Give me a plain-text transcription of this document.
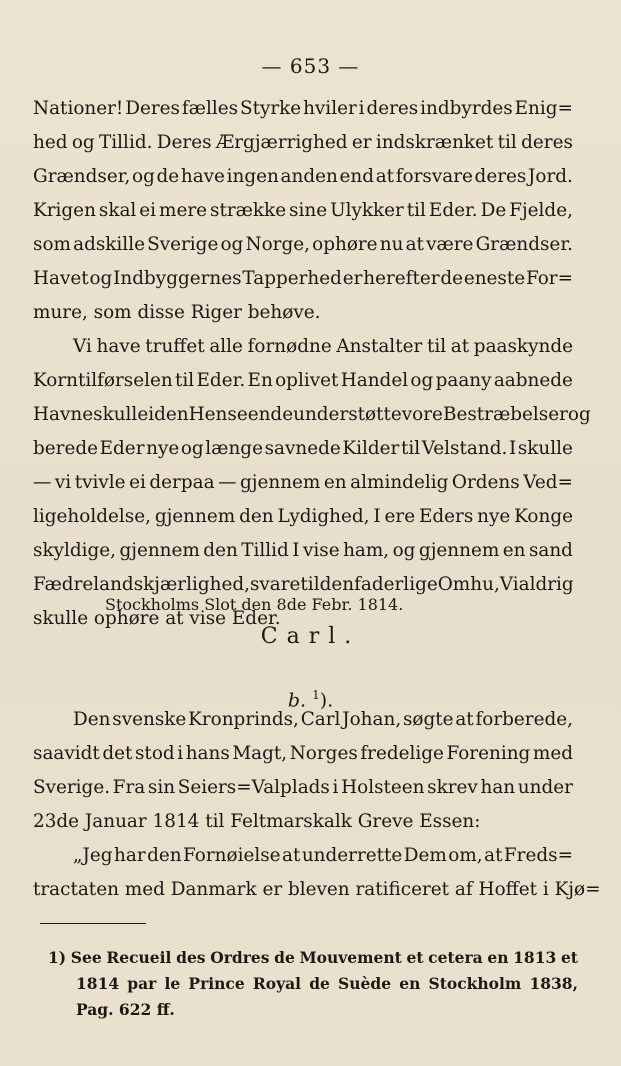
— 653 —
Nationer! Deres fælles Styrke hviler i deres indbyrdes Enig=
hed og Tillid. Deres Ærgjærrighed er indskrænket til deres
Grændser, og de have ingen anden end at forsvare deres Jord.
Krigen skal ei mere strække sine Ulykker til Eder. De Fjelde,
som adskille Sverige og Norge, ophøre nu at være Grændser.
Havet og Indbyggernes Tapperhed er herefter de eneste For=
mure, som disse Riger behøve.
Vi have truffet alle fornødne Anstalter til at paaskynde
Korntilførselen til Eder. En oplivet Handel og paany aabnede
Havne skulle i den Henseende understøtte vore Bestræbelser og
berede Eder nye og længe savnede Kilder til Velstand. I skulle
— vi tvivle ei derpaa — gjennem en almindelig Ordens Ved=
ligeholdelse, gjennem den Lydighed, I ere Eders nye Konge
skyldige, gjennem den Tillid I vise ham, og gjennem en sand
Fædrelandskjærlighed, svare til den faderlige Omhu, Vi aldrig
skulle ophøre at vise Eder.
Stockholms Slot den 8de Febr. 1814.
Carl.
b. $^1$).
Den svenske Kronprinds, Carl Johan, søgte at forberede,
saavidt det stod i hans Magt, Norges fredelige Forening med
Sverige. Fra sin Seiers=Valplads i Holsteen skrev han under
23de Januar 1814 til Feltmarskalk Greve Essen:
„Jeg har den Fornøielse at underrette Dem om, at Freds=
tractaten med Danmark er bleven ratificeret af Hoffet i Kjø=
1) See Recueil des Ordres de Mouvement et cetera en 1813 et
1814 par le Prince Royal de Suède en Stockholm 1838,
Pag. 622 ff.
